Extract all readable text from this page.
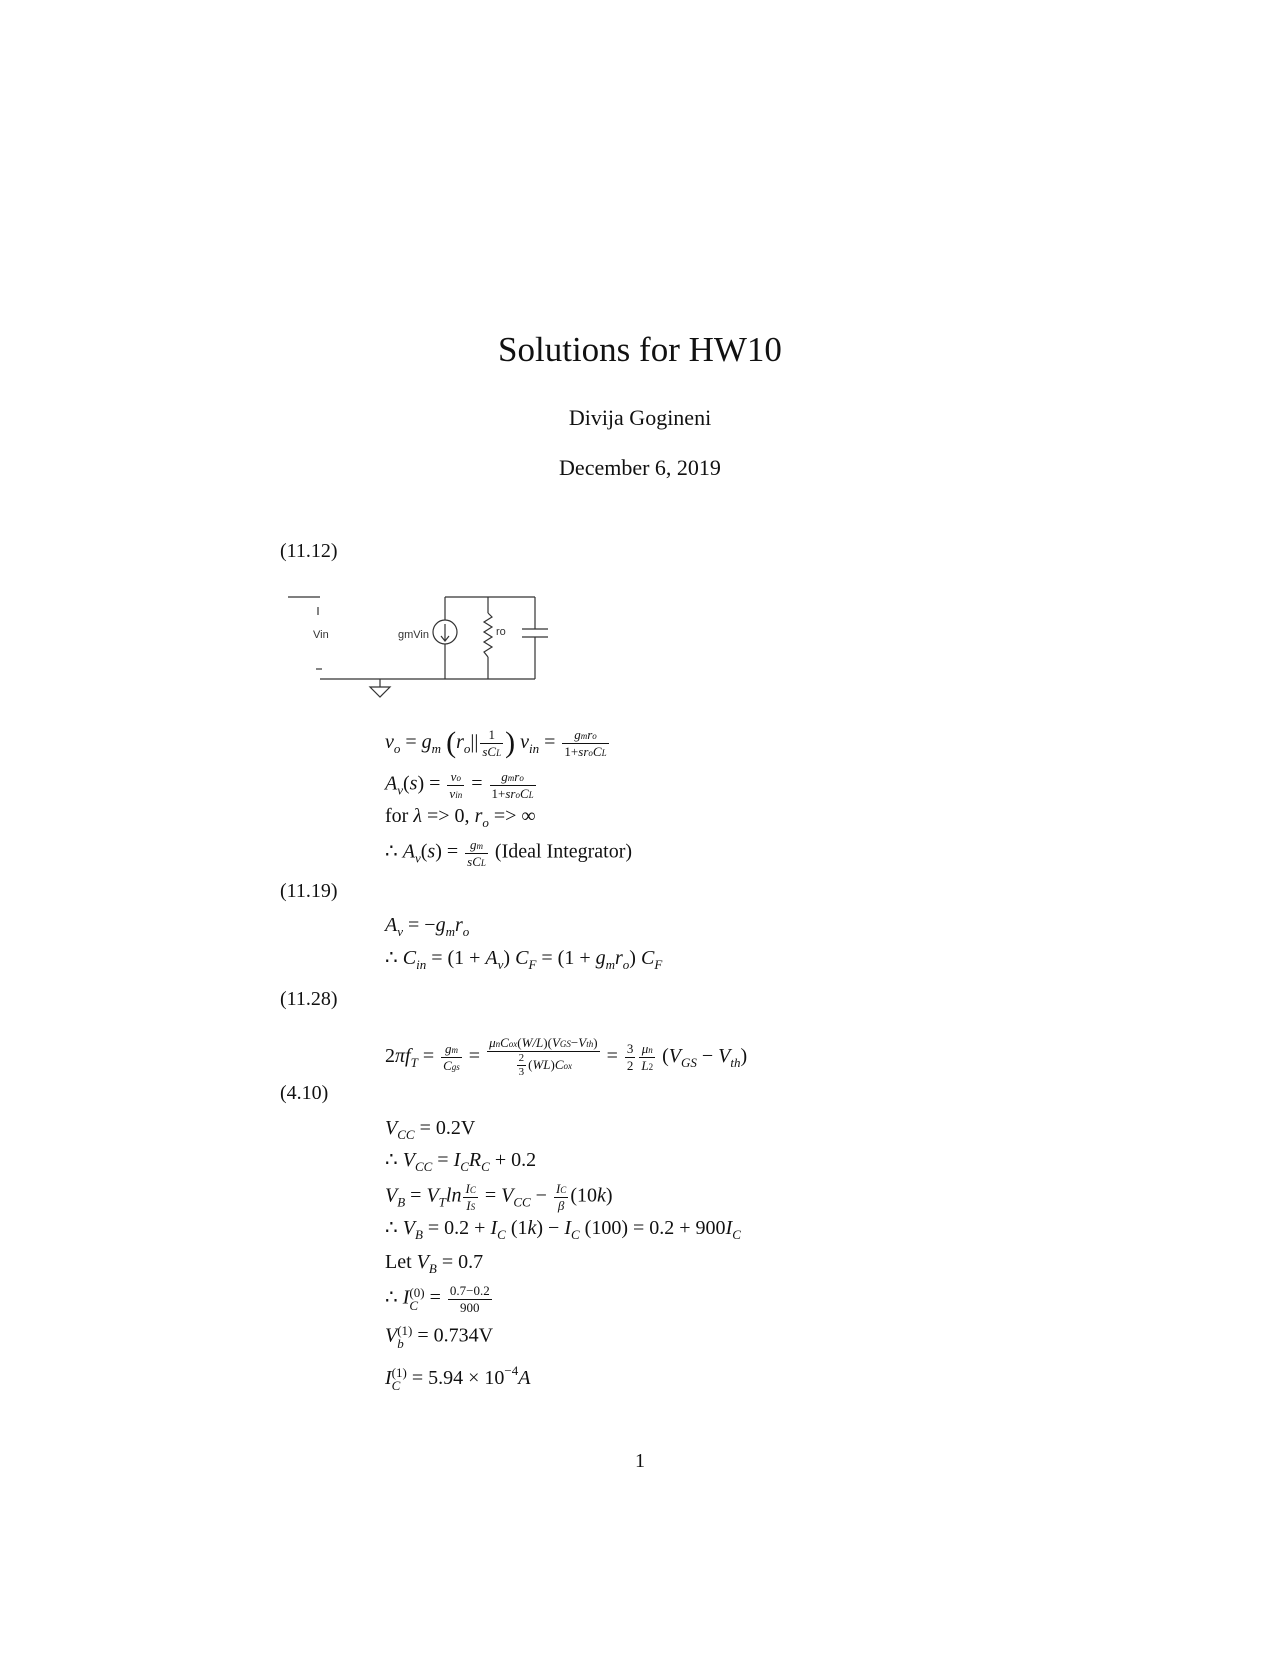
Solutions for HW10
Divija Gogineni
December 6, 2019
(11.12)
Vin	gmVin	ro
$v_o = g_m$ ($r_o|| \frac{1}{\text{sCL}}$ ) $v_{in} = \frac{\text{gmro}}{\text{1+sroCL}}$
$A_v(s) = \frac{vo}{\text{vin}} = \frac{\text{gmro}}{\text{1+sroCL}}$
for λ => 0, $r_o$ => ∞
∴ $A_v(s) = \frac{gm}{\text{sCL}}$ (Ideal Integrator)
(11.19)
$A_v = -g_mr_o$
∴ $C_{in} = (1 + A_v) C_F = (1 + g_mr_o)$ $C_F$
(11.28)
$2\pi f_T = \frac{gm}{\text{Cgs}} = \frac{\text{μnCox(W/L)(VGS−Vth)}}{\frac{2}{3} (WL)Cox} = \frac{3}{2} \frac{\mu n}{L2} (V_{GS} - V_{th})$
(4.10)
$V_{CC} = 0.2V$
∴ $V_{CC} = I_CR_C + 0.2$
$V_B = V_T\ln \frac{IC}{IS} = V_{CC} - \frac{IC}{\beta} (10k)$
∴ $V_B = 0.2 + I_C$ $(1k) - I_C$ $(100) = 0.2 + 900I_C$
Let $V_B = 0.7$
∴ I (0)
$C = \frac{0.7-0.2}{900}$
V (1)
b = 0.734V
I (1)
$C = 5.94 \times 10^{-4}A$
1
